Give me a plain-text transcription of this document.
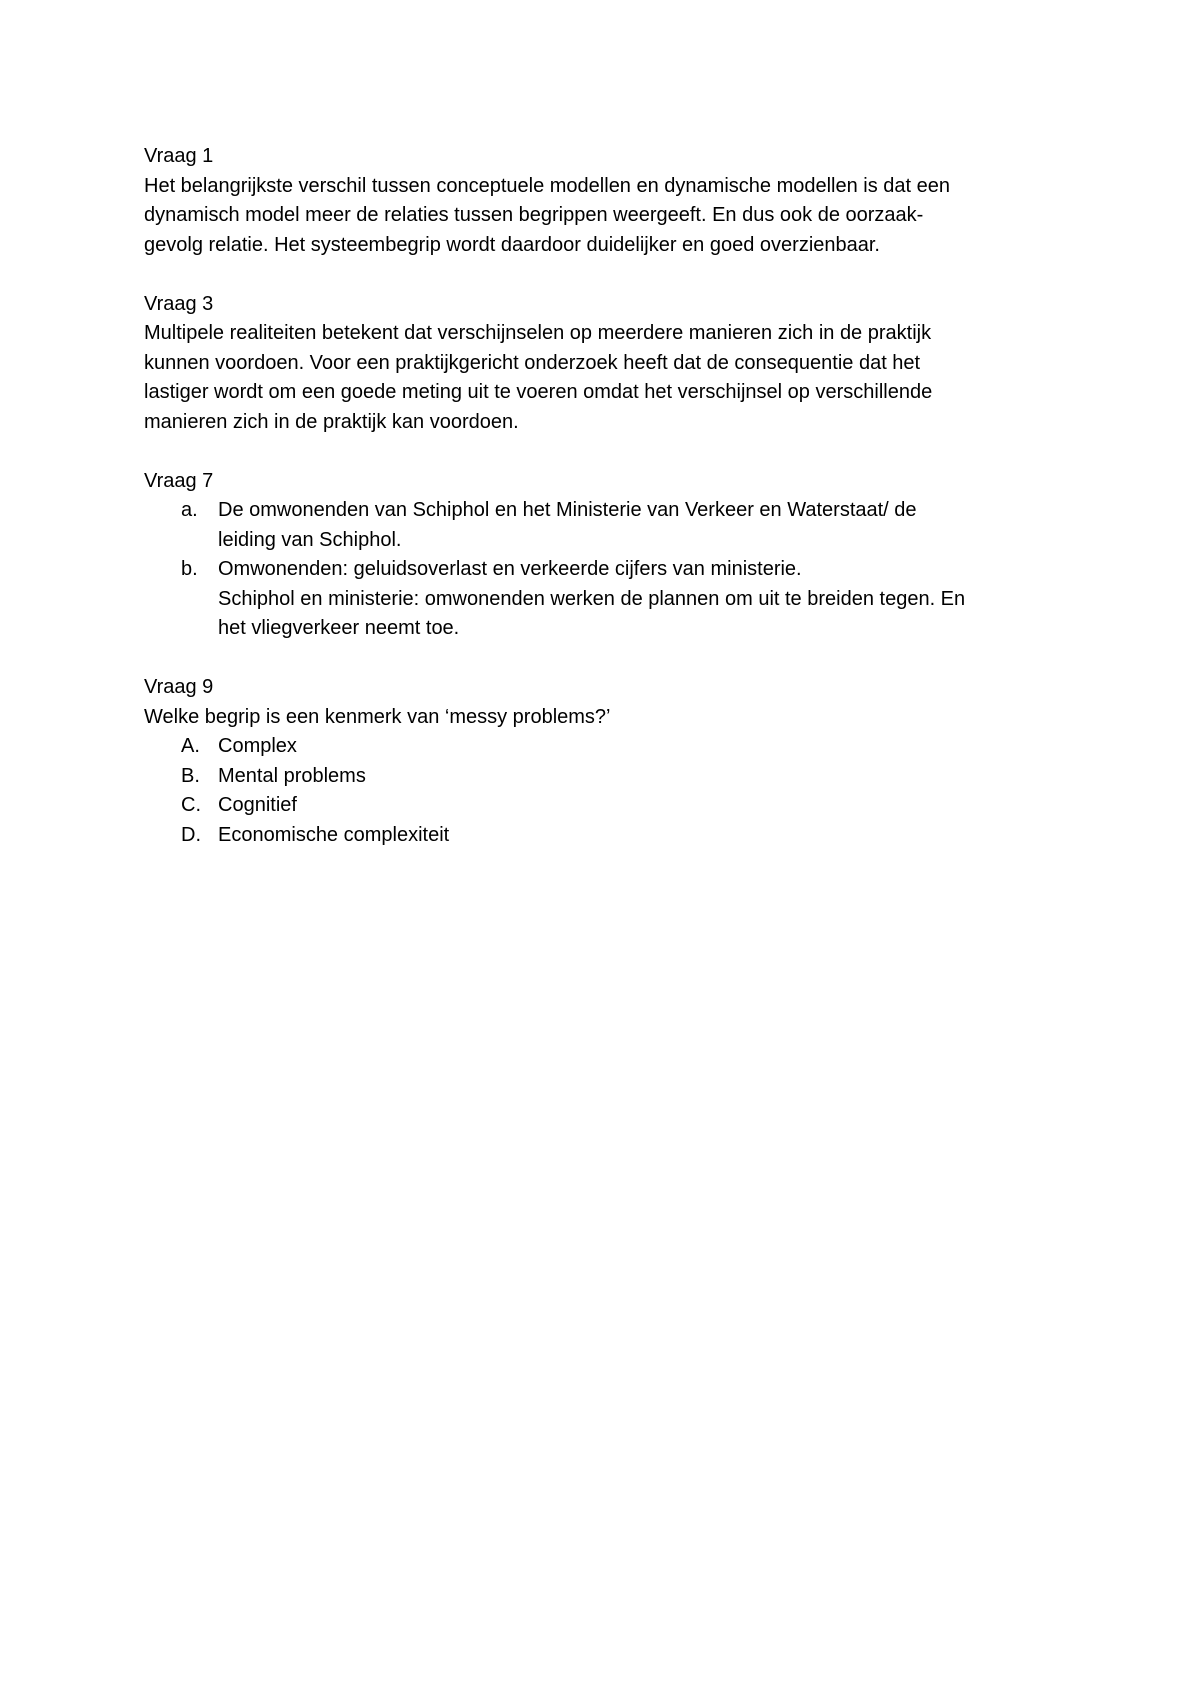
Vraag 1
Het belangrijkste verschil tussen conceptuele modellen en dynamische modellen is dat een
dynamisch model meer de relaties tussen begrippen weergeeft. En dus ook de oorzaak-
gevolg relatie. Het systeembegrip wordt daardoor duidelijker en goed overzienbaar.
Vraag 3
Multipele realiteiten betekent dat verschijnselen op meerdere manieren zich in de praktijk
kunnen voordoen. Voor een praktijkgericht onderzoek heeft dat de consequentie dat het
lastiger wordt om een goede meting uit te voeren omdat het verschijnsel op verschillende
manieren zich in de praktijk kan voordoen.
Vraag 7
a. De omwonenden van Schiphol en het Ministerie van Verkeer en Waterstaat/ de
leiding van Schiphol.
b. Omwonenden: geluidsoverlast en verkeerde cijfers van ministerie.
Schiphol en ministerie: omwonenden werken de plannen om uit te breiden tegen. En
het vliegverkeer neemt toe.
Vraag 9
Welke begrip is een kenmerk van ‘messy problems?’
A. Complex
B. Mental problems
C. Cognitief
D. Economische complexiteit
